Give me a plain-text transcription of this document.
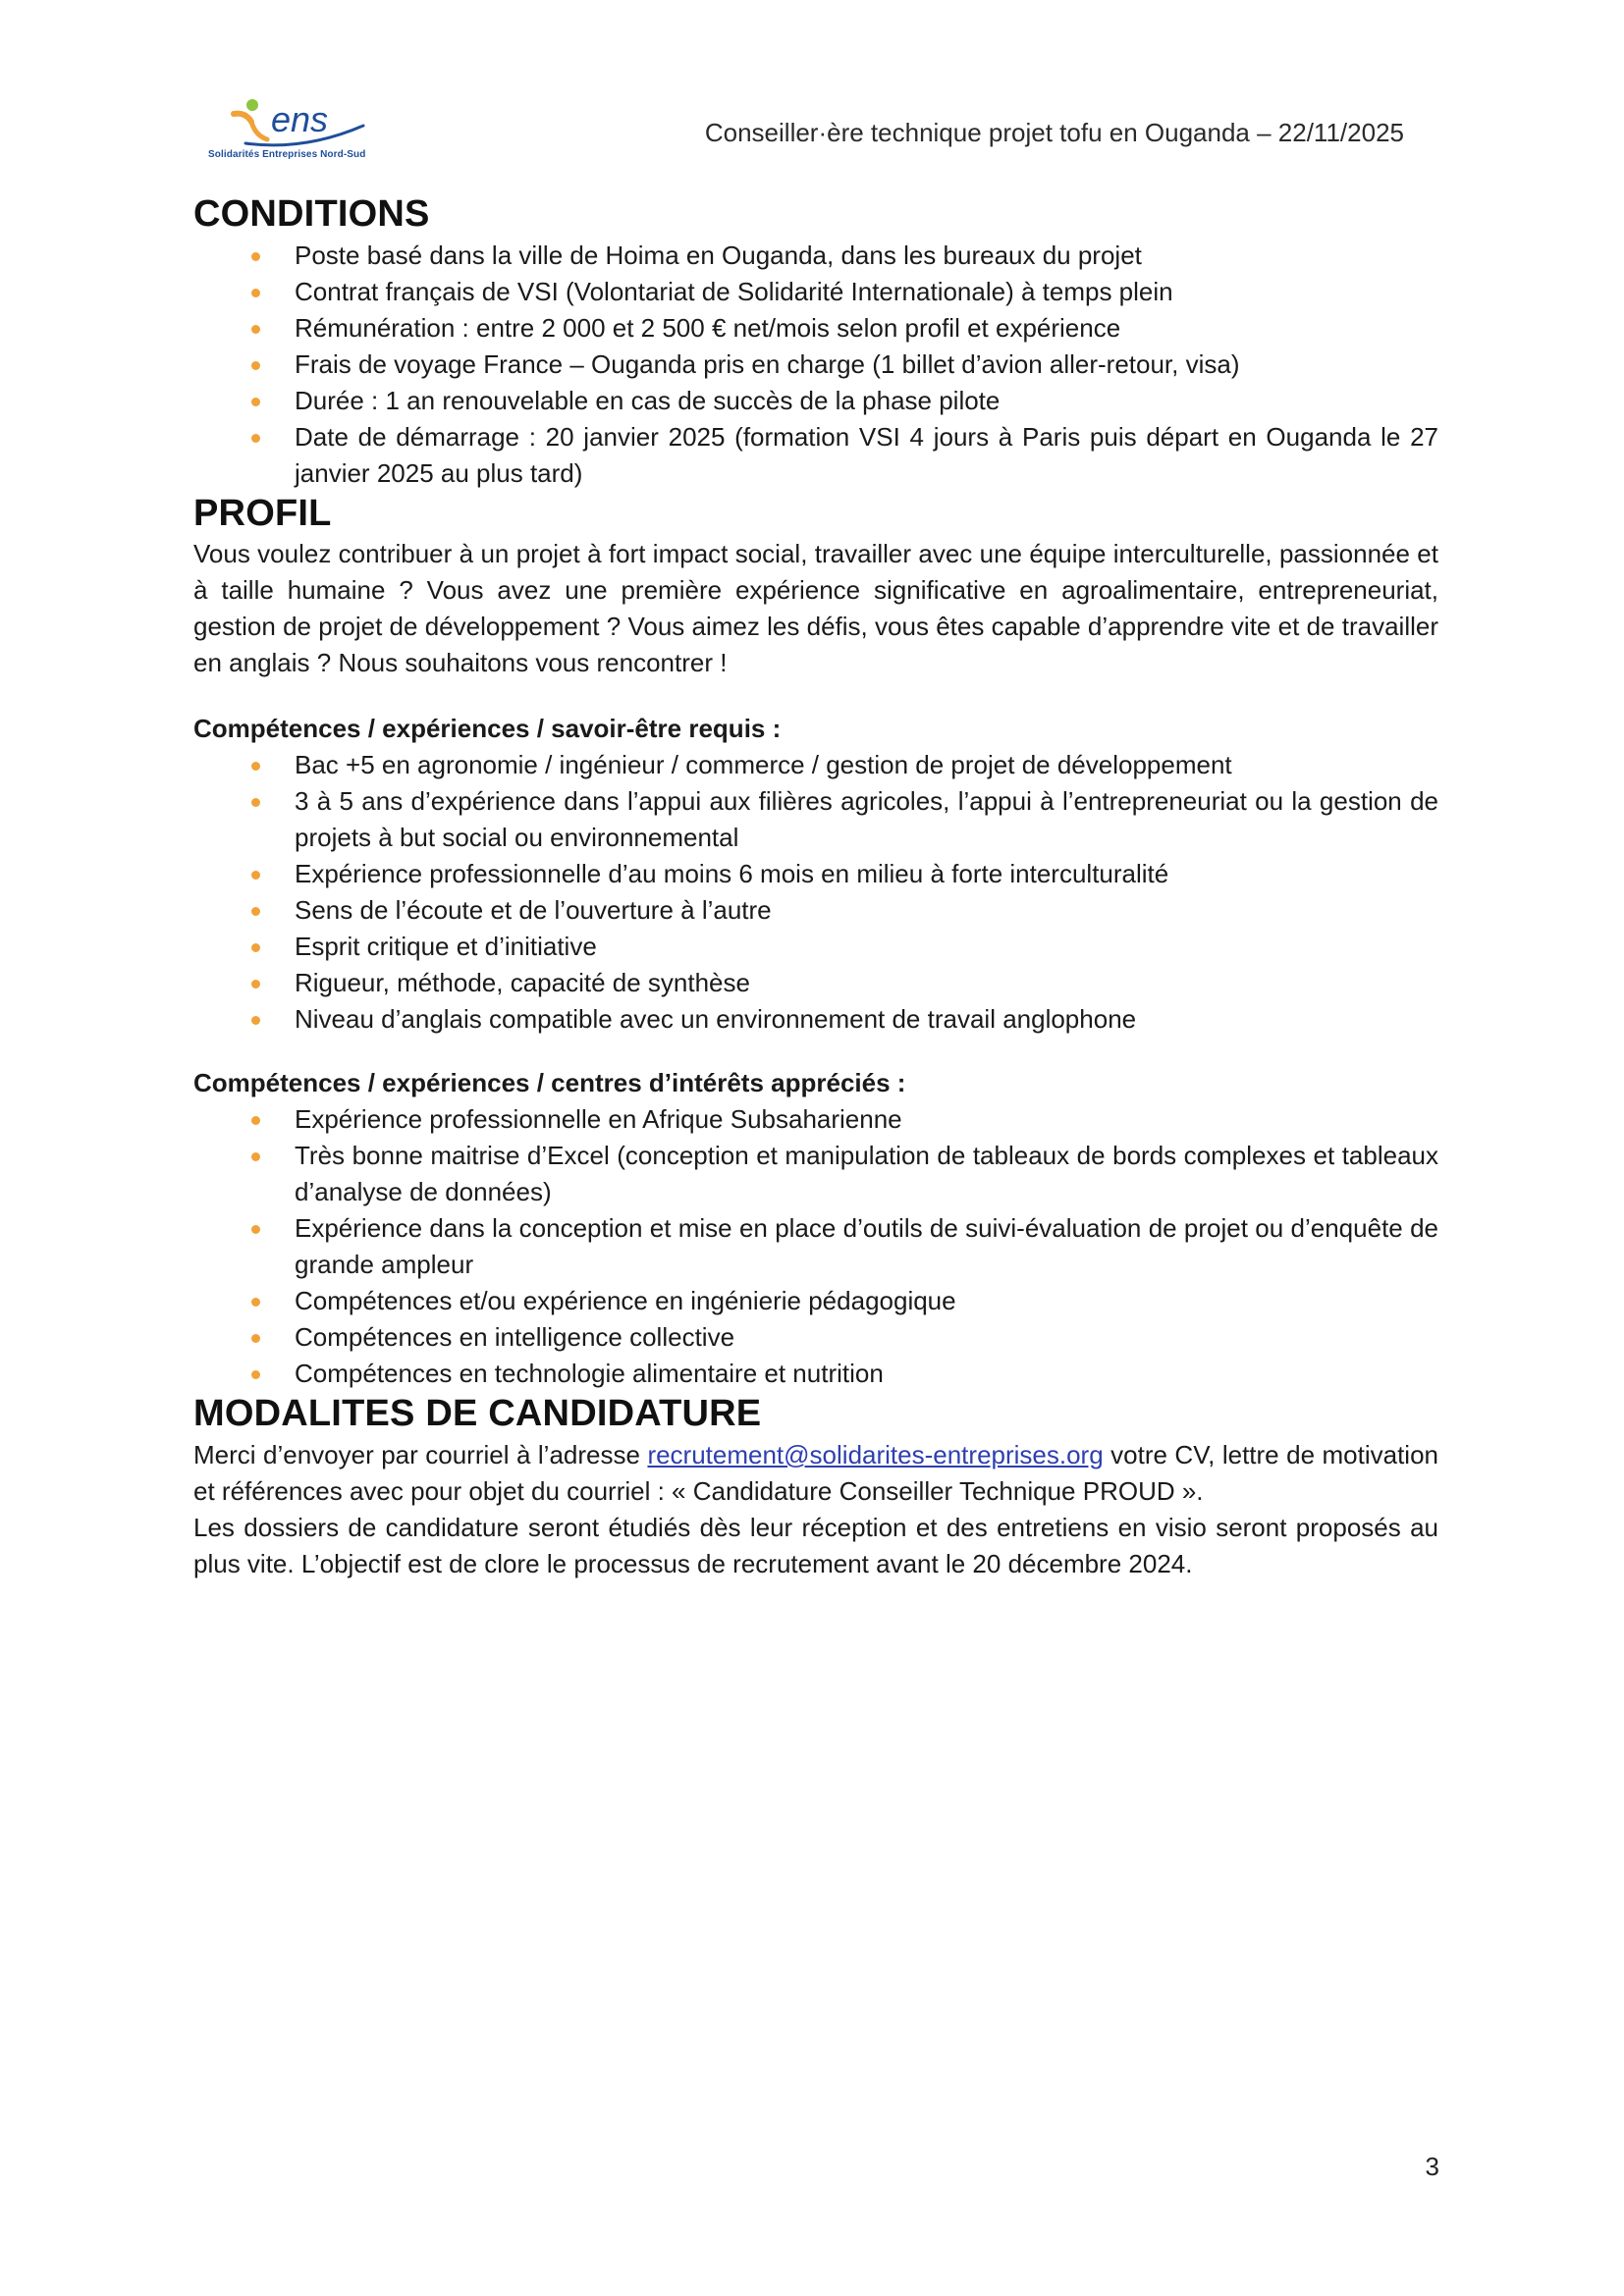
ens
Solidarités Entreprises Nord-Sud
Conseiller·ère technique projet tofu en Ouganda – 22/11/2025
CONDITIONS
Poste basé dans la ville de Hoima en Ouganda, dans les bureaux du projet
Contrat français de VSI (Volontariat de Solidarité Internationale) à temps plein
Rémunération : entre 2 000 et 2 500 € net/mois selon profil et expérience
Frais de voyage France – Ouganda pris en charge (1 billet d’avion aller-retour, visa)
Durée : 1 an renouvelable en cas de succès de la phase pilote
Date de démarrage : 20 janvier 2025 (formation VSI 4 jours à Paris puis départ en Ouganda le 27 janvier 2025 au plus tard)
PROFIL

Vous voulez contribuer à un projet à fort impact social, travailler avec une équipe interculturelle, passionnée et à taille humaine ? Vous avez une première expérience significative en agroalimentaire, entrepreneuriat, gestion de projet de développement ? Vous aimez les défis, vous êtes capable d’apprendre vite et de travailler en anglais ? Nous souhaitons vous rencontrer !

Compétences / expériences / savoir-être requis :

Bac +5 en agronomie / ingénieur / commerce / gestion de projet de développement
3 à 5 ans d’expérience dans l’appui aux filières agricoles, l’appui à l’entrepreneuriat ou la gestion de projets à but social ou environnemental
Expérience professionnelle d’au moins 6 mois en milieu à forte interculturalité
Sens de l’écoute et de l’ouverture à l’autre
Esprit critique et d’initiative
Rigueur, méthode, capacité de synthèse
Niveau d’anglais compatible avec un environnement de travail anglophone

Compétences / expériences / centres d’intérêts appréciés :

Expérience professionnelle en Afrique Subsaharienne
Très bonne maitrise d’Excel (conception et manipulation de tableaux de bords complexes et tableaux d’analyse de données)
Expérience dans la conception et mise en place d’outils de suivi-évaluation de projet ou d’enquête de grande ampleur
Compétences et/ou expérience en ingénierie pédagogique
Compétences en intelligence collective
Compétences en technologie alimentaire et nutrition
MODALITES DE CANDIDATURE

Merci d’envoyer par courriel à l’adresse recrutement@solidarites-entreprises.org votre CV, lettre de motivation et références avec pour objet du courriel : « Candidature Conseiller Technique PROUD ».

Les dossiers de candidature seront étudiés dès leur réception et des entretiens en visio seront proposés au plus vite. L’objectif est de clore le processus de recrutement avant le 20 décembre 2024.

3
